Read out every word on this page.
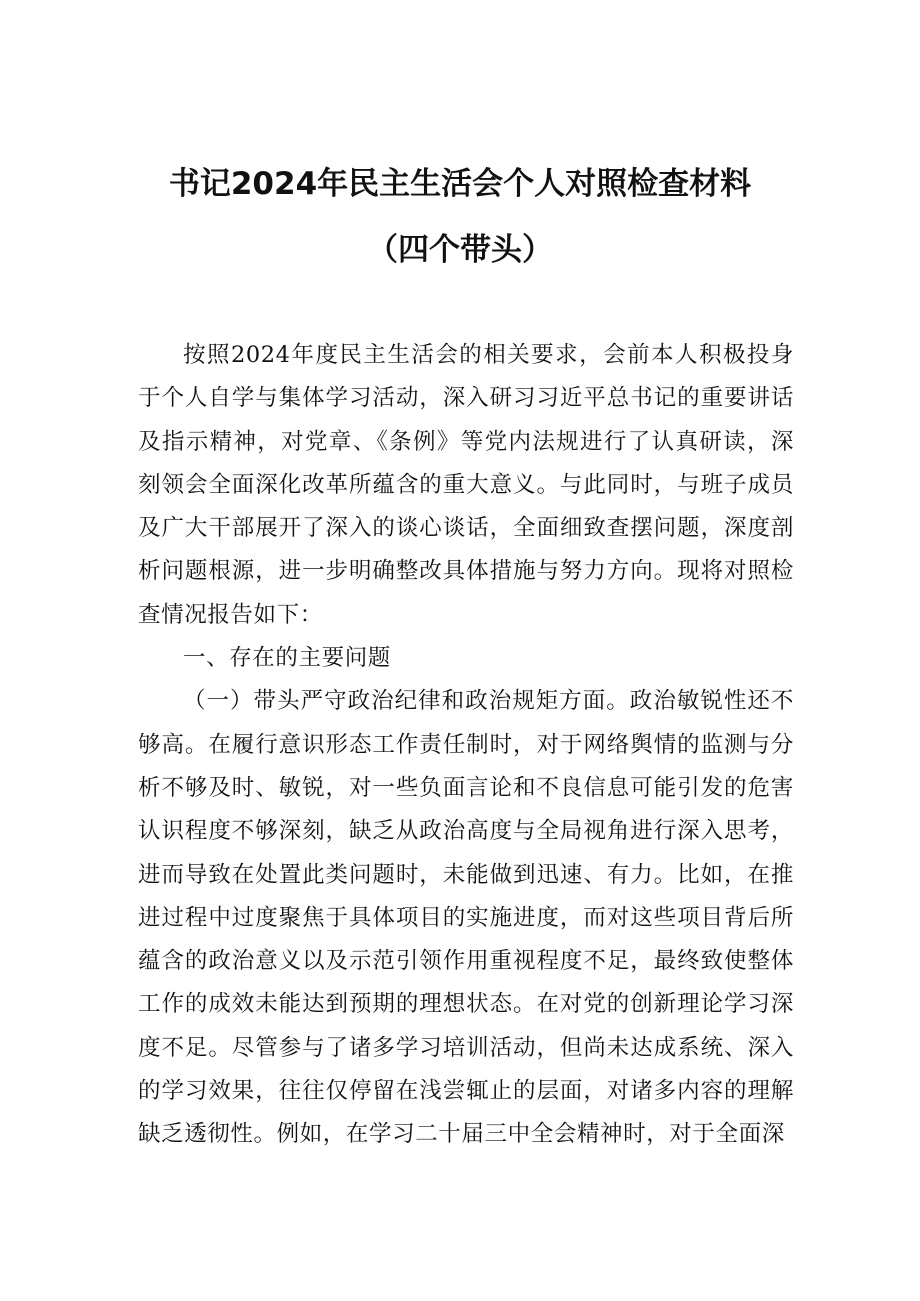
书记2024年民主生活会个人对照检查材料
（四个带头）

按照2024年度民主生活会的相关要求，会前本人积极投身于个人自学与集体学习活动，深入研习习近平总书记的重要讲话及指示精神，对党章、《条例》等党内法规进行了认真研读，深刻领会全面深化改革所蕴含的重大意义。与此同时，与班子成员及广大干部展开了深入的谈心谈话，全面细致查摆问题，深度剖析问题根源，进一步明确整改具体措施与努力方向。现将对照检查情况报告如下：

一、存在的主要问题

（一）带头严守政治纪律和政治规矩方面。政治敏锐性还不够高。在履行意识形态工作责任制时，对于网络舆情的监测与分析不够及时、敏锐，对一些负面言论和不良信息可能引发的危害认识程度不够深刻，缺乏从政治高度与全局视角进行深入思考，进而导致在处置此类问题时，未能做到迅速、有力。比如，在推进过程中过度聚焦于具体项目的实施进度，而对这些项目背后所蕴含的政治意义以及示范引领作用重视程度不足，最终致使整体工作的成效未能达到预期的理想状态。在对党的创新理论学习深度不足。尽管参与了诸多学习培训活动，但尚未达成系统、深入的学习效果，往往仅停留在浅尝辄止的层面，对诸多内容的理解缺乏透彻性。例如，在学习二十届三中全会精神时，对于全面深
